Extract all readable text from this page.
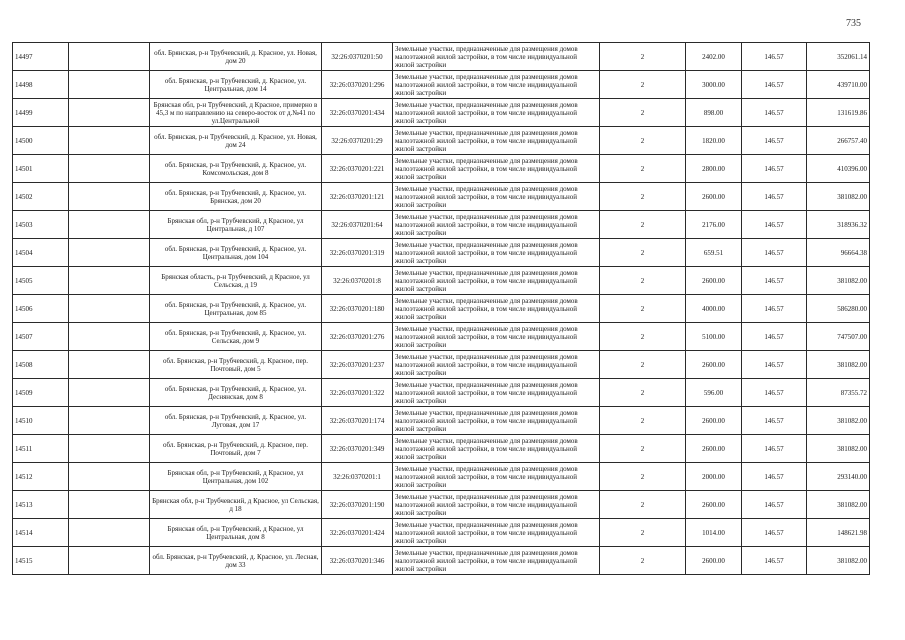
735
14497		обл. Брянская, р-н Трубчевский, д. Красное, ул. Новая, дом 20	32:26:0370201:50	Земельные участки, предназначенные для размещения домов малоэтажной жилой застройки, в том числе индивидуальной жилой застройки	2	2402.00	146.57	352061.14
14498		обл. Брянская, р-н Трубчевский, д. Красное, ул. Центральная, дом 14	32:26:0370201:296	Земельные участки, предназначенные для размещения домов малоэтажной жилой застройки, в том числе индивидуальной жилой застройки	2	3000.00	146.57	439710.00
14499		Брянская обл, р-н Трубчевский, д Красное, примерно в 45,3 м по направлению на северо-восток от д.№41 по ул.Центральной	32:26:0370201:434	Земельные участки, предназначенные для размещения домов малоэтажной жилой застройки, в том числе индивидуальной жилой застройки	2	898.00	146.57	131619.86
14500		обл. Брянская, р-н Трубчевский, д. Красное, ул. Новая, дом 24	32:26:0370201:29	Земельные участки, предназначенные для размещения домов малоэтажной жилой застройки, в том числе индивидуальной жилой застройки	2	1820.00	146.57	266757.40
14501		обл. Брянская, р-н Трубчевский, д. Красное, ул. Комсомольская, дом 8	32:26:0370201:221	Земельные участки, предназначенные для размещения домов малоэтажной жилой застройки, в том числе индивидуальной жилой застройки	2	2800.00	146.57	410396.00
14502		обл. Брянская, р-н Трубчевский, д. Красное, ул. Брянская, дом 20	32:26:0370201:121	Земельные участки, предназначенные для размещения домов малоэтажной жилой застройки, в том числе индивидуальной жилой застройки	2	2600.00	146.57	381082.00
14503		Брянская обл, р-н Трубчевский, д Красное, ул Центральная, д 107	32:26:0370201:64	Земельные участки, предназначенные для размещения домов малоэтажной жилой застройки, в том числе индивидуальной жилой застройки	2	2176.00	146.57	318936.32
14504		обл. Брянская, р-н Трубчевский, д. Красное, ул. Центральная, дом 104	32:26:0370201:319	Земельные участки, предназначенные для размещения домов малоэтажной жилой застройки, в том числе индивидуальной жилой застройки	2	659.51	146.57	96664.38
14505		Брянская область, р-н Трубчевский, д Красное, ул Сельская, д 19	32:26:0370201:8	Земельные участки, предназначенные для размещения домов малоэтажной жилой застройки, в том числе индивидуальной жилой застройки	2	2600.00	146.57	381082.00
14506		обл. Брянская, р-н Трубчевский, д. Красное, ул. Центральная, дом 85	32:26:0370201:180	Земельные участки, предназначенные для размещения домов малоэтажной жилой застройки, в том числе индивидуальной жилой застройки	2	4000.00	146.57	586280.00
14507		обл. Брянская, р-н Трубчевский, д. Красное, ул. Сельская, дом 9	32:26:0370201:276	Земельные участки, предназначенные для размещения домов малоэтажной жилой застройки, в том числе индивидуальной жилой застройки	2	5100.00	146.57	747507.00
14508		обл. Брянская, р-н Трубчевский, д. Красное, пер. Почтовый, дом 5	32:26:0370201:237	Земельные участки, предназначенные для размещения домов малоэтажной жилой застройки, в том числе индивидуальной жилой застройки	2	2600.00	146.57	381082.00
14509		обл. Брянская, р-н Трубчевский, д. Красное, ул. Деснянская, дом 8	32:26:0370201:322	Земельные участки, предназначенные для размещения домов малоэтажной жилой застройки, в том числе индивидуальной жилой застройки	2	596.00	146.57	87355.72
14510		обл. Брянская, р-н Трубчевский, д. Красное, ул. Луговая, дом 17	32:26:0370201:174	Земельные участки, предназначенные для размещения домов малоэтажной жилой застройки, в том числе индивидуальной жилой застройки	2	2600.00	146.57	381082.00
14511		обл. Брянская, р-н Трубчевский, д. Красное, пер. Почтовый, дом 7	32:26:0370201:349	Земельные участки, предназначенные для размещения домов малоэтажной жилой застройки, в том числе индивидуальной жилой застройки	2	2600.00	146.57	381082.00
14512		Брянская обл, р-н Трубчевский, д Красное, ул Центральная, дом 102	32:26:0370201:1	Земельные участки, предназначенные для размещения домов малоэтажной жилой застройки, в том числе индивидуальной жилой застройки	2	2000.00	146.57	293140.00
14513		Брянская обл, р-н Трубчевский, д Красное, ул Сельская, д 18	32:26:0370201:190	Земельные участки, предназначенные для размещения домов малоэтажной жилой застройки, в том числе индивидуальной жилой застройки	2	2600.00	146.57	381082.00
14514		Брянская обл, р-н Трубчевский, д Красное, ул Центральная, дом 8	32:26:0370201:424	Земельные участки, предназначенные для размещения домов малоэтажной жилой застройки, в том числе индивидуальной жилой застройки	2	1014.00	146.57	148621.98
14515		обл. Брянская, р-н Трубчевский, д. Красное, ул. Лесная, дом 33	32:26:0370201:346	Земельные участки, предназначенные для размещения домов малоэтажной жилой застройки, в том числе индивидуальной жилой застройки	2	2600.00	146.57	381082.00
